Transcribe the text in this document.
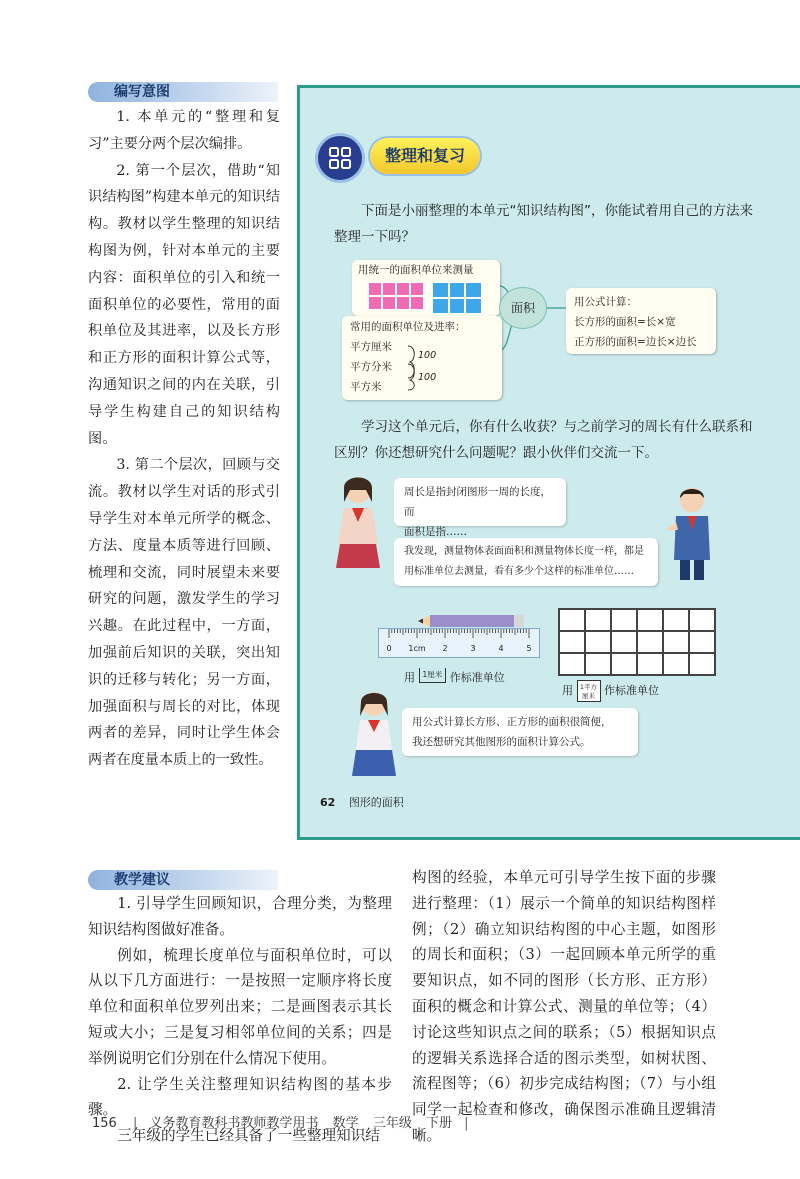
编写意图

1. 本单元的“整理和复习”主要分两个层次编排。

2. 第一个层次，借助“知识结构图”构建本单元的知识结构。教材以学生整理的知识结构图为例，针对本单元的主要内容：面积单位的引入和统一面积单位的必要性，常用的面积单位及其进率，以及长方形和正方形的面积计算公式等，沟通知识之间的内在关联，引导学生构建自己的知识结构图。

3. 第二个层次，回顾与交流。教材以学生对话的形式引导学生对本单元所学的概念、方法、度量本质等进行回顾、梳理和交流，同时展望未来要研究的问题，激发学生的学习兴趣。在此过程中，一方面，加强前后知识的关联，突出知识的迁移与转化；另一方面，加强面积与周长的对比，体现两者的差异，同时让学生体会两者在度量本质上的一致性。

整理和复习
下面是小丽整理的本单元“知识结构图”，你能试着用自己的方法来整理一下吗？
用统一的面积单位来测量
面积
常用的面积单位及进率：
平方厘米
平方分米
平方米
100
100
用公式计算：
长方形的面积=长×宽
正方形的面积=边长×边长
学习这个单元后，你有什么收获？与之前学习的周长有什么联系和区别？你还想研究什么问题呢？跟小伙伴们交流一下。
周长是指封闭图形一周的长度，而
面积是指……
我发现，测量物体表面面积和测量物体长度一样，都是
用标准单位去测量，看有多少个这样的标准单位……
0 1cm 2	3	4	5
用 1厘米 作标准单位
用	1平方
厘米 作标准单位
用公式计算长方形、正方形的面积很简便，
我还想研究其他图形的面积计算公式。
62 图形的面积
教学建议

1. 引导学生回顾知识，合理分类，为整理知识结构图做好准备。

例如，梳理长度单位与面积单位时，可以从以下几方面进行：一是按照一定顺序将长度单位和面积单位罗列出来；二是画图表示其长短或大小；三是复习相邻单位间的关系；四是举例说明它们分别在什么情况下使用。

2. 让学生关注整理知识结构图的基本步骤。

三年级的学生已经具备了一些整理知识结

构图的经验，本单元可引导学生按下面的步骤进行整理：（1）展示一个简单的知识结构图样例；（2）确立知识结构图的中心主题，如图形的周长和面积；（3）一起回顾本单元所学的重要知识点，如不同的图形（长方形、正方形）面积的概念和计算公式、测量的单位等；（4）讨论这些知识点之间的联系；（5）根据知识点的逻辑关系选择合适的图示类型，如树状图、流程图等；（6）初步完成结构图；（7）与小组同学一起检查和修改，确保图示准确且逻辑清晰。

156 | 义务教育教科书教师教学用书 数学 三年级 下册 |
